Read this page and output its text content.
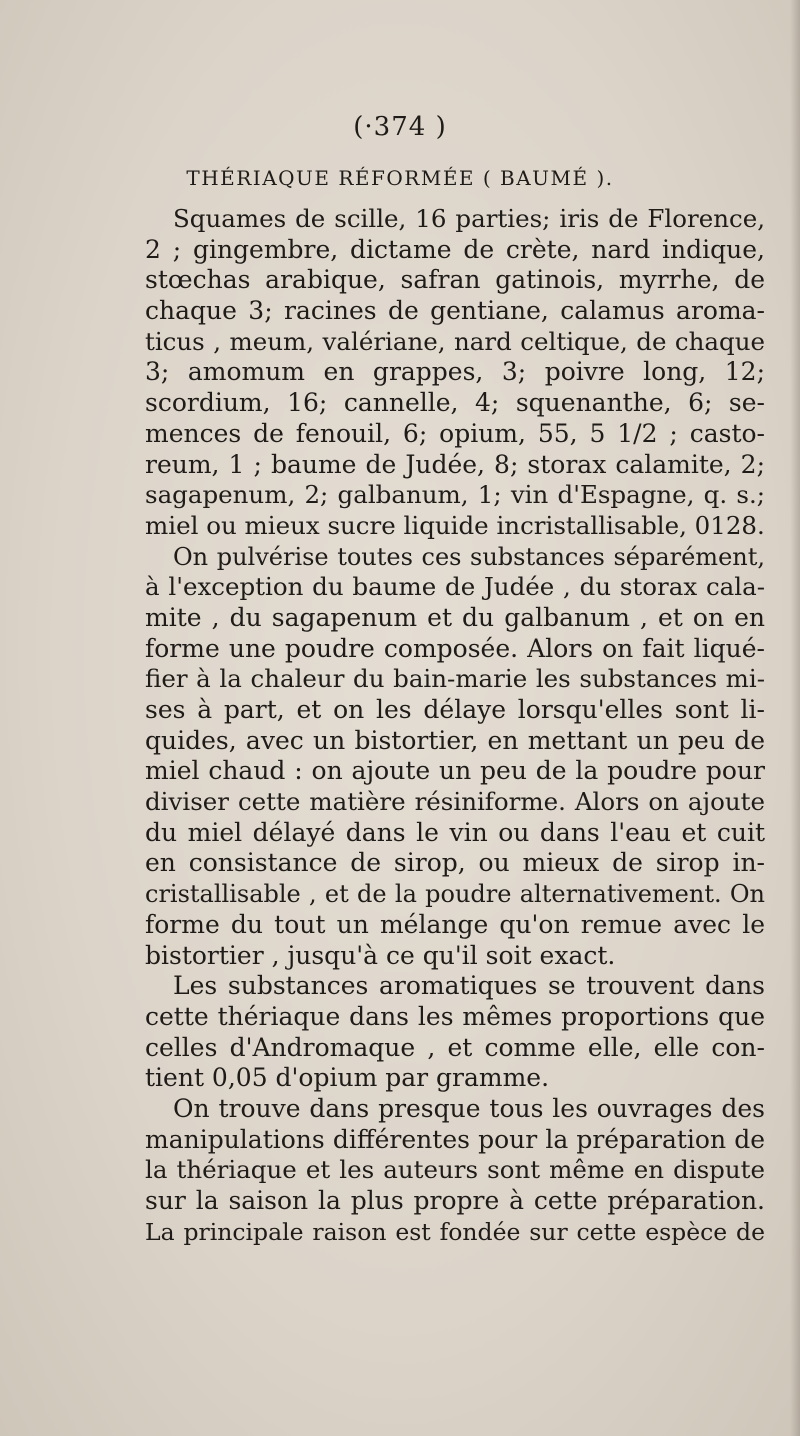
(·374 )
THÉRIAQUE RÉFORMÉE ( BAUMÉ ).
Squames de scille, 16 parties; iris de Florence,
2 ; gingembre, dictame de crète, nard indique,
stœchas arabique, safran gatinois, myrrhe, de
chaque 3; racines de gentiane, calamus aroma-
ticus , meum, valériane, nard celtique, de chaque
3; amomum en grappes, 3; poivre long, 12;
scordium, 16; cannelle, 4; squenanthe, 6; se-
mences de fenouil, 6; opium, 55, 5 1/2 ; casto-
reum, 1 ; baume de Judée, 8; storax calamite, 2;
sagapenum, 2; galbanum, 1; vin d'Espagne, q. s.;
miel ou mieux sucre liquide incristallisable, 0128.
On pulvérise toutes ces substances séparément,
à l'exception du baume de Judée , du storax cala-
mite , du sagapenum et du galbanum , et on en
forme une poudre composée. Alors on fait liqué-
fier à la chaleur du bain-marie les substances mi-
ses à part, et on les délaye lorsqu'elles sont li-
quides, avec un bistortier, en mettant un peu de
miel chaud : on ajoute un peu de la poudre pour
diviser cette matière résiniforme. Alors on ajoute
du miel délayé dans le vin ou dans l'eau et cuit
en consistance de sirop, ou mieux de sirop in-
cristallisable , et de la poudre alternativement. On
forme du tout un mélange qu'on remue avec le
bistortier , jusqu'à ce qu'il soit exact.
Les substances aromatiques se trouvent dans
cette thériaque dans les mêmes proportions que
celles d'Andromaque , et comme elle, elle con-
tient 0,05 d'opium par gramme.
On trouve dans presque tous les ouvrages des
manipulations différentes pour la préparation de
la thériaque et les auteurs sont même en dispute
sur la saison la plus propre à cette préparation.
La principale raison est fondée sur cette espèce de
